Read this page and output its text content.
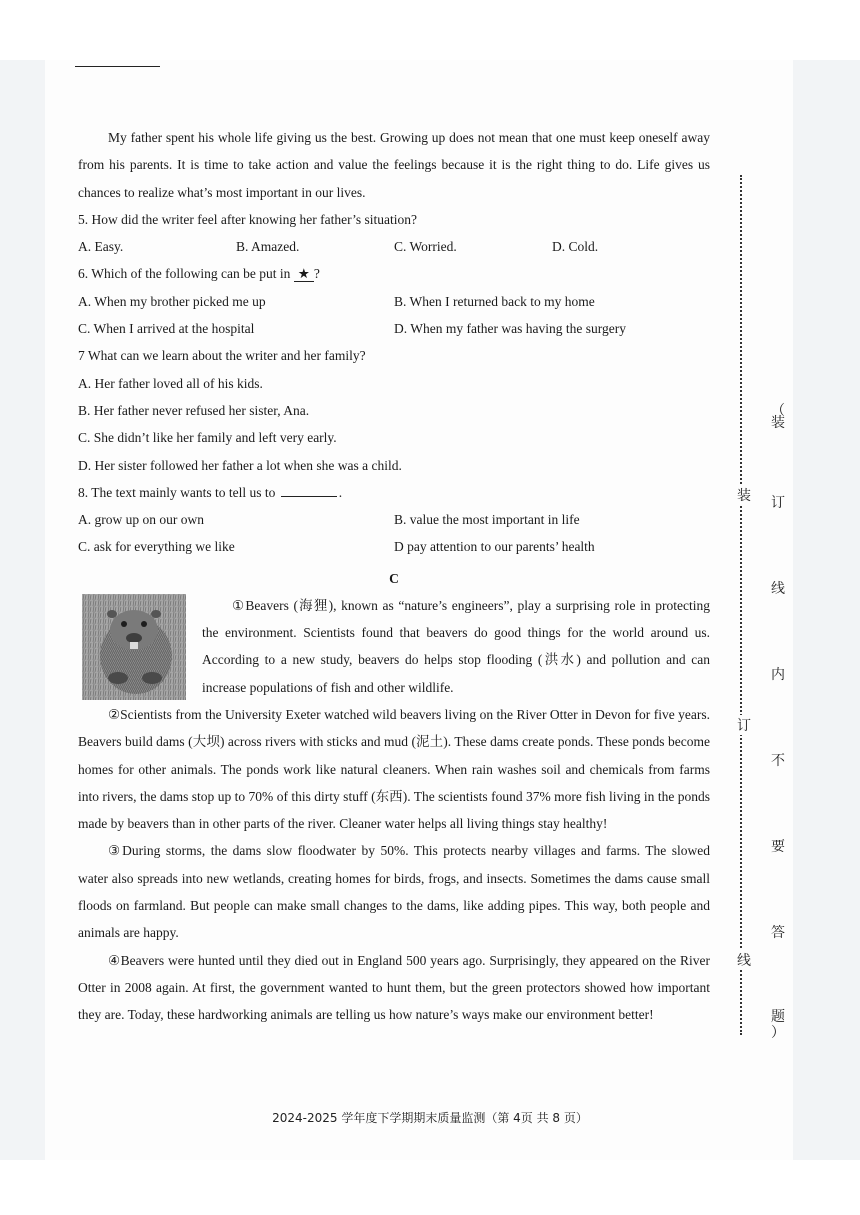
My father spent his whole life giving us the best. Growing up does not mean that one must keep oneself away from his parents. It is time to take action and value the feelings because it is the right thing to do. Life gives us chances to realize what’s most important in our lives.

5. How did the writer feel after knowing her father’s situation?

A. Easy.	B. Amazed.	C. Worried.	D. Cold.

6. Which of the following can be put in ★ ?

A. When my brother picked me up	B. When I returned back to my home
C. When I arrived at the hospital	D. When my father was having the surgery

7 What can we learn about the writer and her family?

A. Her father loved all of his kids.

B. Her father never refused her sister, Ana.

C. She didn’t like her family and left very early.

D. Her sister followed her father a lot when she was a child.

8. The text mainly wants to tell us to	.

A. grow up on our own	B. value the most important in life
C. ask for everything we like	D pay attention to our parents’ health
C

①Beavers (海狸), known as “nature’s engineers”, play a surprising role in protecting the environment. Scientists found that beavers do good things for the world around us. According to a new study, beavers do helps stop flooding (洪水) and pollution and can increase populations of fish and other wildlife.

②Scientists from the University Exeter watched wild beavers living on the River Otter in Devon for five years. Beavers build dams (大坝) across rivers with sticks and mud (泥土). These dams create ponds. These ponds become homes for other animals. The ponds work like natural cleaners. When rain washes soil and chemicals from farms into rivers, the dams stop up to 70% of this dirty stuff (东西). The scientists found 37% more fish living in the ponds made by beavers than in other parts of the river. Cleaner water helps all living things stay healthy!

③During storms, the dams slow floodwater by 50%. This protects nearby villages and farms. The slowed water also spreads into new wetlands, creating homes for birds, frogs, and insects. Sometimes the dams cause small floods on farmland. But people can make small changes to the dams, like adding pipes. This way, both people and animals are happy.

④Beavers were hunted until they died out in England 500 years ago. Surprisingly, they appeared on the River Otter in 2008 again. At first, the government wanted to hunt them, but the green protectors showed how important they are. Today, these hardworking animals are telling us how nature’s ways make our environment better!

2024-2025 学年度下学期期末质量监测（第 4页 共 8 页）
装
订
线
（
装
订
线
内
不
要
答
题
）
